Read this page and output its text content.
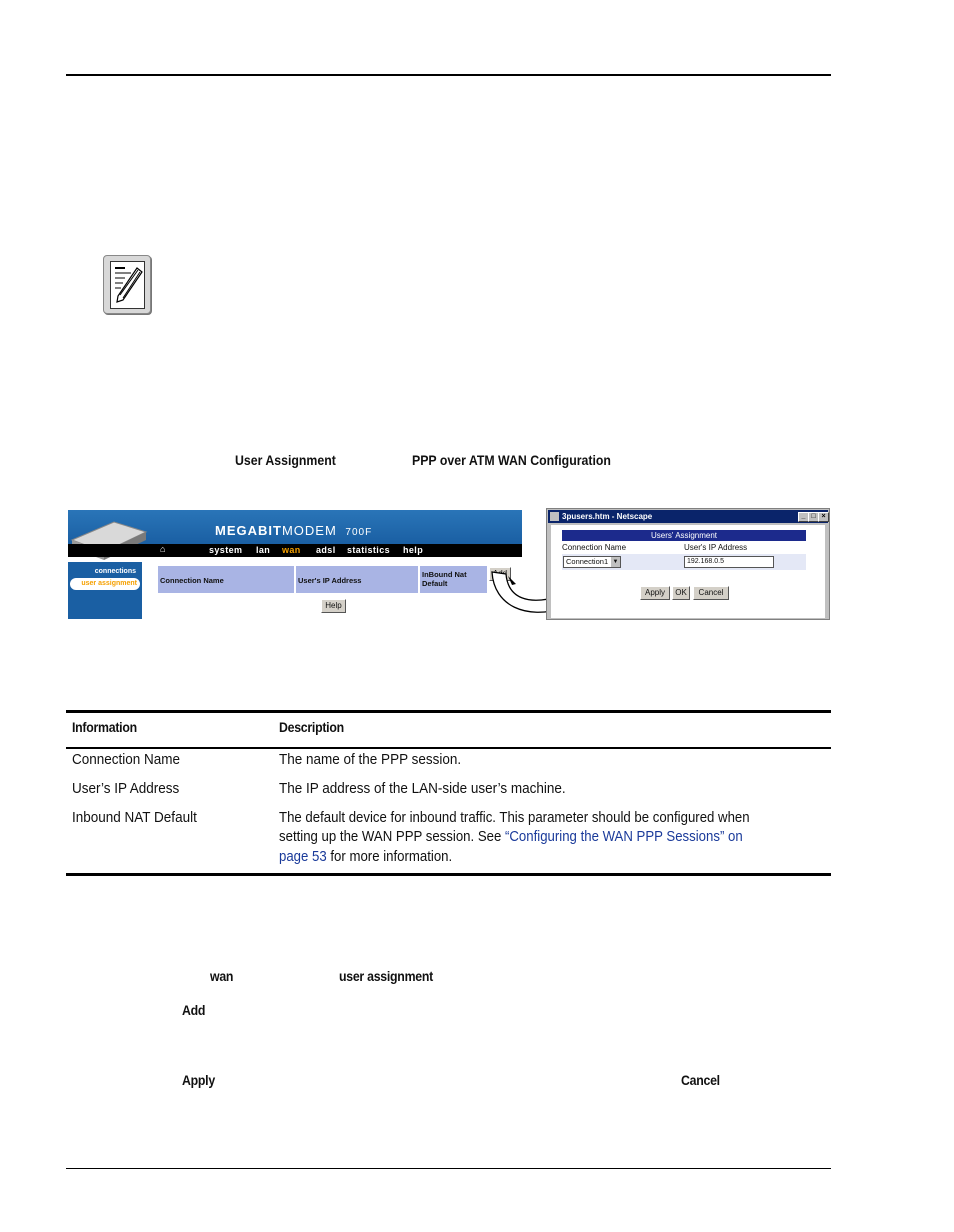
User Assignment	PPP over ATM WAN Configuration
MEGABITMODEM 700F
⌂	system lan wan adsl statistics help
connections
user assignment	Connection Name	User's IP Address
InBound Nat Default
Help
3pusers.htm - Netscape	_ □ ×
Users' Assignment
Connection Name	User's IP Address
Connection1 ▼	192.168.0.5
Apply	OK	Cancel
Information	Description
Connection Name	The name of the PPP session.
User’s IP Address	The IP address of the LAN-side user’s machine.
Inbound NAT Default	The default device for inbound traffic. This parameter should be configured when
setting up the WAN PPP session. See “Configuring the WAN PPP Sessions” on
page 53 for more information.
wan	user assignment
Add
Apply	Cancel
